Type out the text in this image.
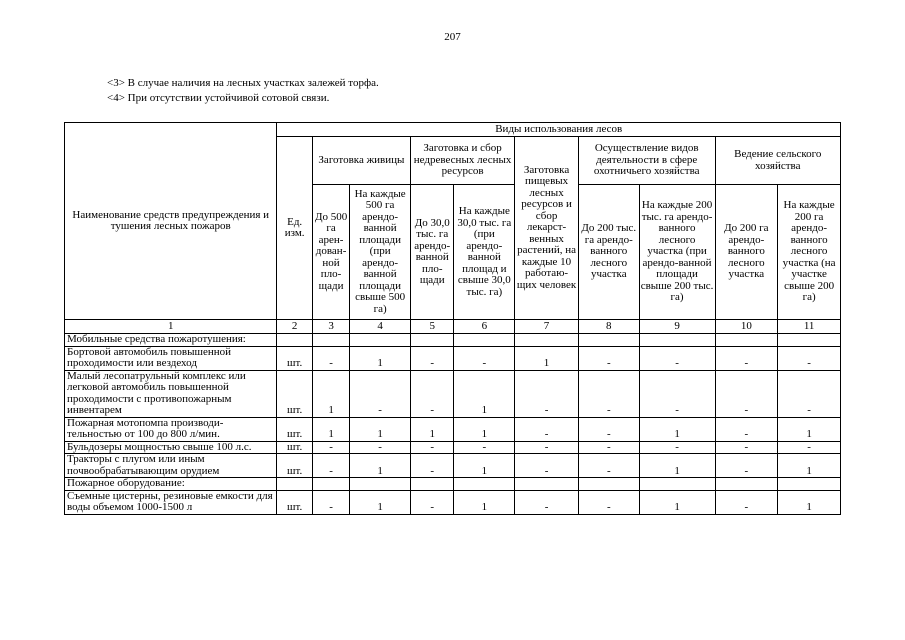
207
<3> В случае наличия на лесных участках залежей торфа.
<4> При отсутствии устойчивой сотовой связи.
Наименование средств предупреждения и тушения лесных пожаров	Виды использования лесов									
	Ед. изм.	Заготовка живицы		Заготовка и сбор недревесных лесных ресурсов		Заготовка пищевых лесных ресурсов и сбор лекарст-венных растений, на каждые 10 работаю-щих человек	Осуществление видов деятельности в сфере охотничьего хозяйства		Ведение сельского хозяйства	
		До 500 га арен-дован-ной пло-щади	На каждые 500 га арендо-ванной площади (при арендо-ванной площади свыше 500 га)	До 30,0 тыс. га арендо-ванной пло-щади	На каждые 30,0 тыс. га (при арендо-ванной площад и свыше 30,0 тыс. га)		До 200 тыс. га арендо-ванного лесного участка	На каждые 200 тыс. га арендо-ванного лесного участка (при арендо-ванной площади свыше 200 тыс. га)	До 200 га арендо-ванного лесного участка	На каждые 200 га арендо-ванного лесного участка (на участке свыше 200 га)
1	2	3	4	5	6	7	8	9	10	11
Мобильные средства пожаротушения:										
Бортовой автомобиль повышенной проходимости или вездеход	шт.	-	1	-	-	1	-	-	-	-
Малый лесопатрульный комплекс или легковой автомобиль повышенной проходимости с противопожарным инвентарем	шт.	1	-	-	1	-	-	-	-	-
Пожарная мотопомпа производи-тельностью от 100 до 800 л/мин.	шт.	1	1	1	1	-	-	1	-	1
Бульдозеры мощностью свыше 100 л.с.	шт.	-	-	-	-	-	-	-	-	-
Тракторы с плугом или иным почвообрабатывающим орудием	шт.	-	1	-	1	-	-	1	-	1
Пожарное оборудование:										
Съемные цистерны, резиновые емкости для воды объемом 1000-1500 л	шт.	-	1	-	1	-	-	1	-	1
